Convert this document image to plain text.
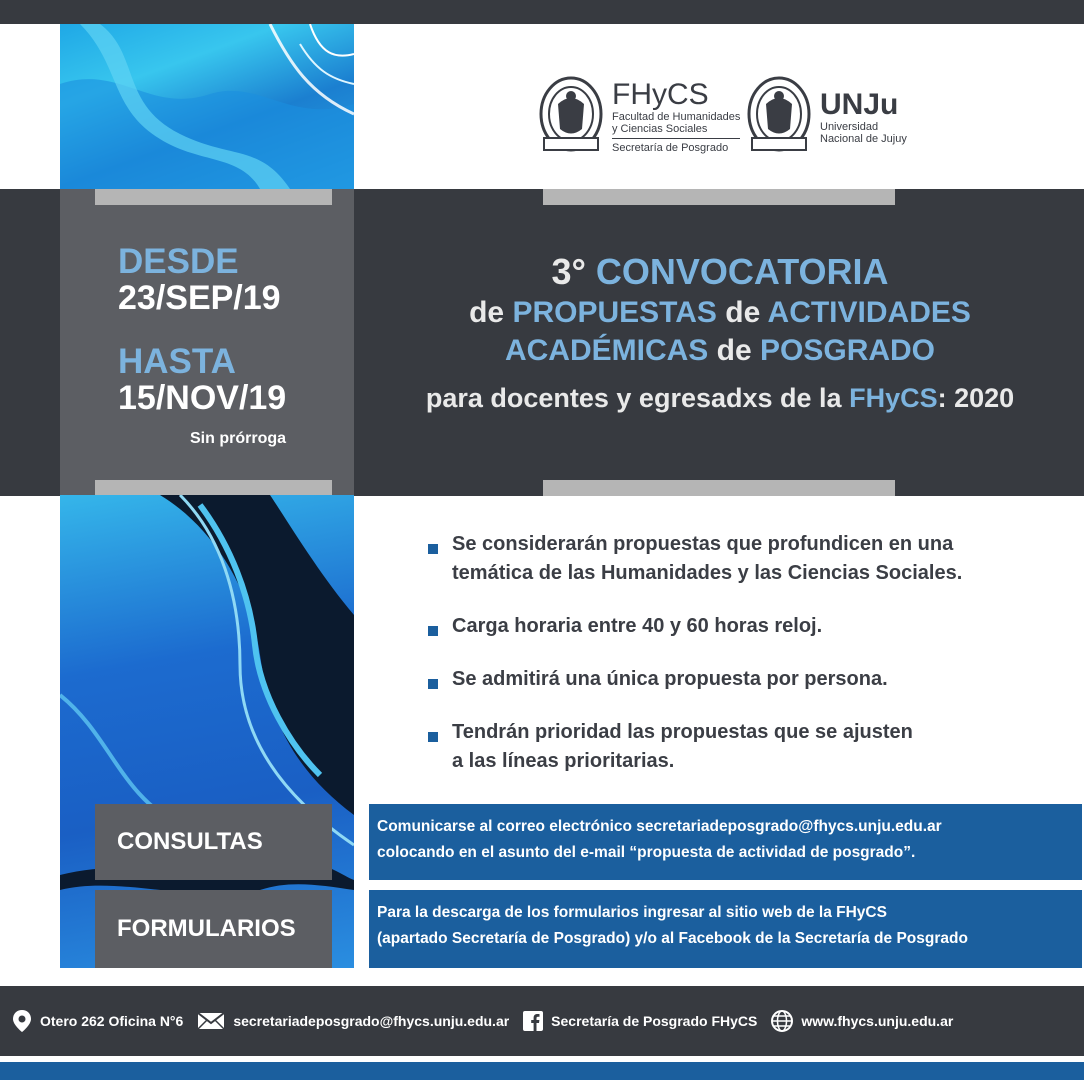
FHyCS
Facultad de Humanidades
y Ciencias Sociales
Secretaría de Posgrado
UNJu
Universidad
Nacional de Jujuy
DESDE
23/SEP/19
HASTA
15/NOV/19
Sin prórroga
3° CONVOCATORIA
de PROPUESTAS de ACTIVIDADES
ACADÉMICAS de POSGRADO
para docentes y egresadxs de la FHyCS: 2020
Se considerarán propuestas que profundicen en una
temática de las Humanidades y las Ciencias Sociales.
Carga horaria entre 40 y 60 horas reloj.
Se admitirá una única propuesta por persona.
Tendrán prioridad las propuestas que se ajusten
a las líneas prioritarias.
CONSULTAS
Comunicarse al correo electrónico secretariadeposgrado@fhycs.unju.edu.ar
colocando en el asunto del e-mail “propuesta de actividad de posgrado”.
FORMULARIOS
Para la descarga de los formularios ingresar al sitio web de la FHyCS
(apartado Secretaría de Posgrado) y/o al Facebook de la Secretaría de Posgrado
Otero 262 Oficina N°6	secretariadeposgrado@fhycs.unju.edu.ar	Secretaría de Posgrado FHyCS	www.fhycs.unju.edu.ar
